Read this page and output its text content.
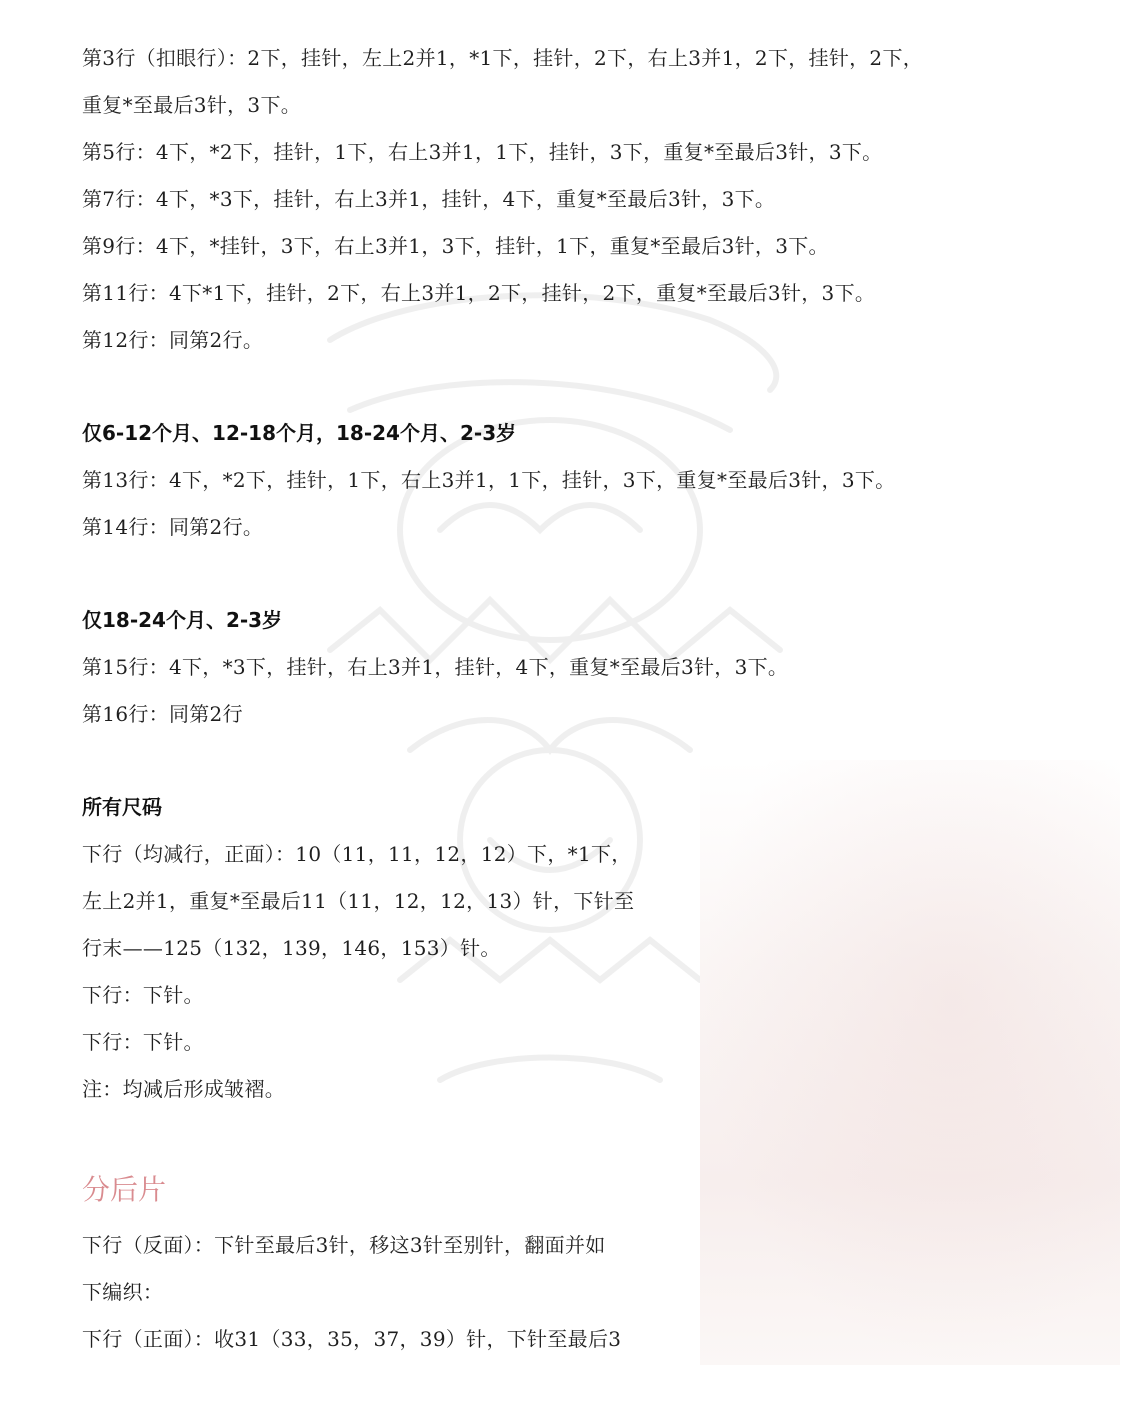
第3行（扣眼行）：2下，挂针，左上2并1，*1下，挂针，2下，右上3并1，2下，挂针，2下，
重复*至最后3针，3下。
第5行：4下，*2下，挂针，1下，右上3并1，1下，挂针，3下，重复*至最后3针，3下。
第7行：4下，*3下，挂针，右上3并1，挂针，4下，重复*至最后3针，3下。
第9行：4下，*挂针，3下，右上3并1，3下，挂针，1下，重复*至最后3针，3下。
第11行：4下*1下，挂针，2下，右上3并1，2下，挂针，2下，重复*至最后3针，3下。
第12行：同第2行。
仅6-12个月、12-18个月，18-24个月、2-3岁
第13行：4下，*2下，挂针，1下，右上3并1，1下，挂针，3下，重复*至最后3针，3下。
第14行：同第2行。
仅18-24个月、2-3岁
第15行：4下，*3下，挂针，右上3并1，挂针，4下，重复*至最后3针，3下。
第16行：同第2行
所有尺码
下行（均减行，正面）：10（11，11，12，12）下，*1下，
左上2并1，重复*至最后11（11，12，12，13）针，下针至
行末——125（132，139，146，153）针。
下行：下针。
下行：下针。
注：均减后形成皱褶。
分后片
下行（反面）：下针至最后3针，移这3针至别针，翻面并如
下编织：
下行（正面）：收31（33，35，37，39）针，下针至最后3
